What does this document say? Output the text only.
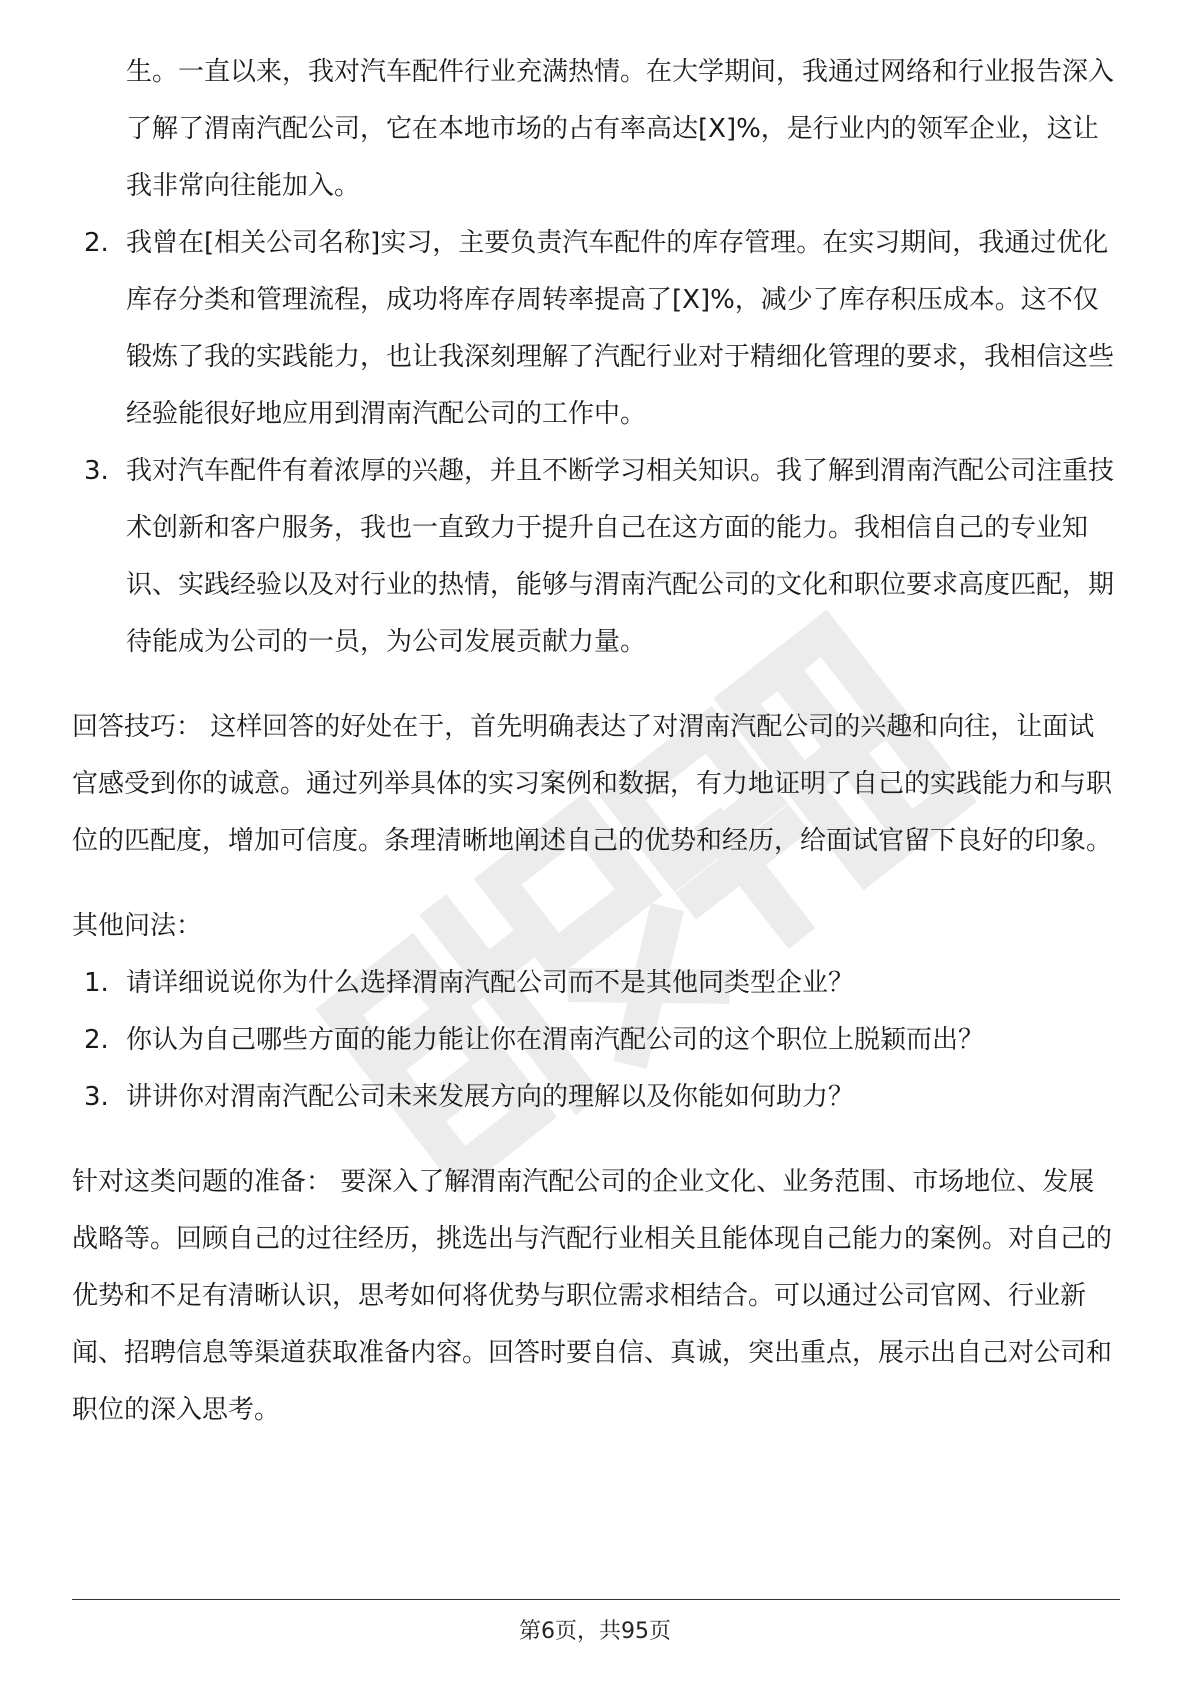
生。一直以来，我对汽车配件行业充满热情。在大学期间，我通过网络和行业报告深入了解了渭南汽配公司，它在本地市场的占有率高达[X]%，是行业内的领军企业，这让我非常向往能加入。

2. 我曾在[相关公司名称]实习，主要负责汽车配件的库存管理。在实习期间，我通过优化库存分类和管理流程，成功将库存周转率提高了[X]%，减少了库存积压成本。这不仅锻炼了我的实践能力，也让我深刻理解了汽配行业对于精细化管理的要求，我相信这些经验能很好地应用到渭南汽配公司的工作中。
3. 我对汽车配件有着浓厚的兴趣，并且不断学习相关知识。我了解到渭南汽配公司注重技术创新和客户服务，我也一直致力于提升自己在这方面的能力。我相信自己的专业知识、实践经验以及对行业的热情，能够与渭南汽配公司的文化和职位要求高度匹配，期待能成为公司的一员，为公司发展贡献力量。

回答技巧： 这样回答的好处在于，首先明确表达了对渭南汽配公司的兴趣和向往，让面试官感受到你的诚意。通过列举具体的实习案例和数据，有力地证明了自己的实践能力和与职位的匹配度，增加可信度。条理清晰地阐述自己的优势和经历，给面试官留下良好的印象。

其他问法：

1. 请详细说说你为什么选择渭南汽配公司而不是其他同类型企业？
2. 你认为自己哪些方面的能力能让你在渭南汽配公司的这个职位上脱颖而出？
3. 讲讲你对渭南汽配公司未来发展方向的理解以及你能如何助力？

针对这类问题的准备： 要深入了解渭南汽配公司的企业文化、业务范围、市场地位、发展战略等。回顾自己的过往经历，挑选出与汽配行业相关且能体现自己能力的案例。对自己的优势和不足有清晰认识，思考如何将优势与职位需求相结合。可以通过公司官网、行业新闻、招聘信息等渠道获取准备内容。回答时要自信、真诚，突出重点，展示出自己对公司和职位的深入思考。

第6页，共95页
